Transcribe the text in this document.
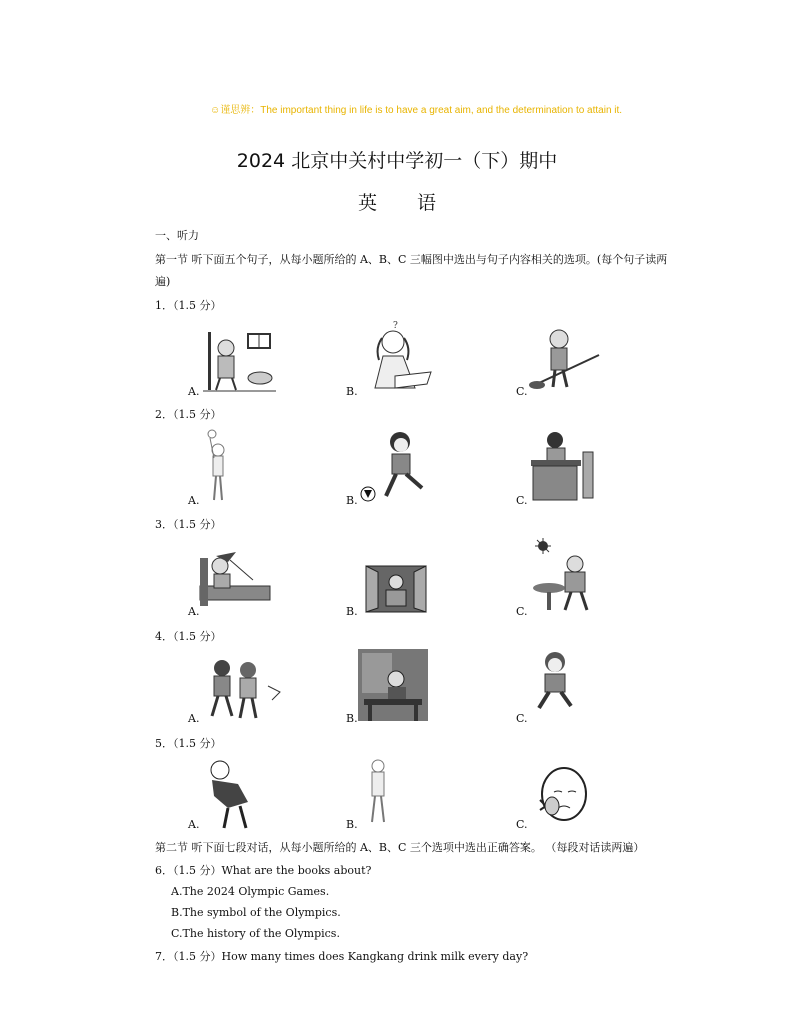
☺谨思辨：The important thing in life is to have a great aim, and the determination to attain it.
2024 北京中关村中学初一（下）期中
英语
一、听力
第一节 听下面五个句子，从每小题所给的 A、B、C 三幅图中选出与句子内容相关的选项。(每个句子读两
遍)
1．（1.5 分）
A.
?
B.	C.
2．（1.5 分）
A.	B.	C.
3．（1.5 分）
A.	B.	C.
4．（1.5 分）
A.	B.	C.
5．（1.5 分）
A.	B.	C.
第二节 听下面七段对话，从每小题所给的 A、B、C 三个选项中选出正确答案。 （每段对话读两遍）
6．（1.5 分）What are the books about?
A.The 2024 Olympic Games.
B.The symbol of the Olympics.
C.The history of the Olympics.
7．（1.5 分）How many times does Kangkang drink milk every day?
